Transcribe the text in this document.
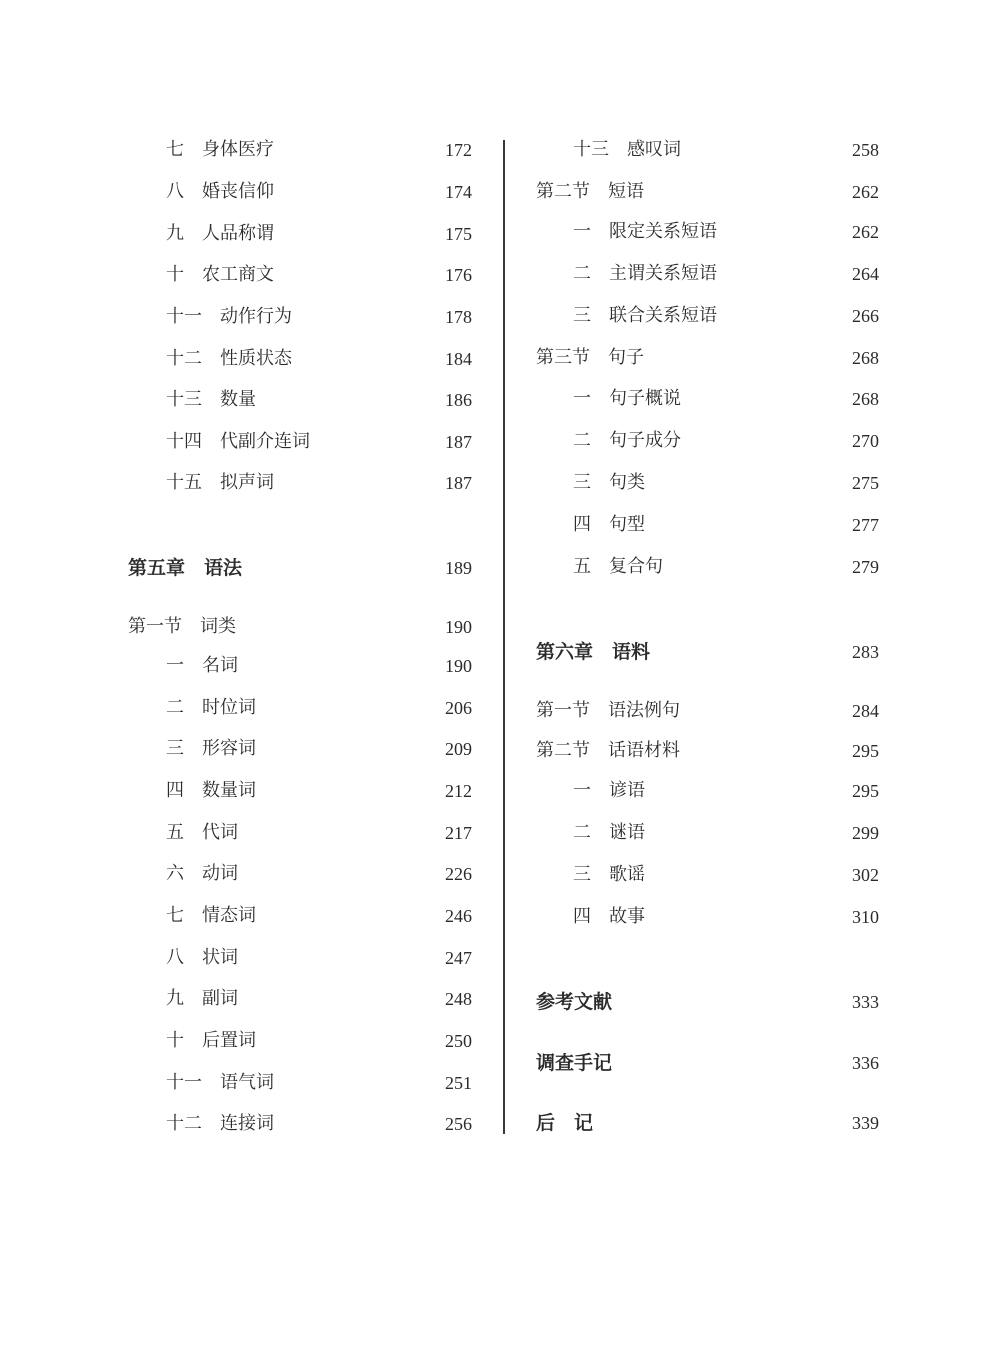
七　身体医疗	172
八　婚丧信仰	174
九　人品称谓	175
十　农工商文	176
十一　动作行为	178
十二　性质状态	184
十三　数量	186
十四　代副介连词	187
十五　拟声词	187
第五章　语法	189
第一节　词类	190
一　名词	190
二　时位词	206
三　形容词	209
四　数量词	212
五　代词	217
六　动词	226
七　情态词	246
八　状词	247
九　副词	248
十　后置词	250
十一　语气词	251
十二　连接词	256
十三　感叹词	258
第二节　短语	262
一　限定关系短语	262
二　主谓关系短语	264
三　联合关系短语	266
第三节　句子	268
一　句子概说	268
二　句子成分	270
三　句类	275
四　句型	277
五　复合句	279
第六章　语料	283
第一节　语法例句	284
第二节　话语材料	295
一　谚语	295
二　谜语	299
三　歌谣	302
四　故事	310
参考文献	333
调查手记	336
后　记	339
